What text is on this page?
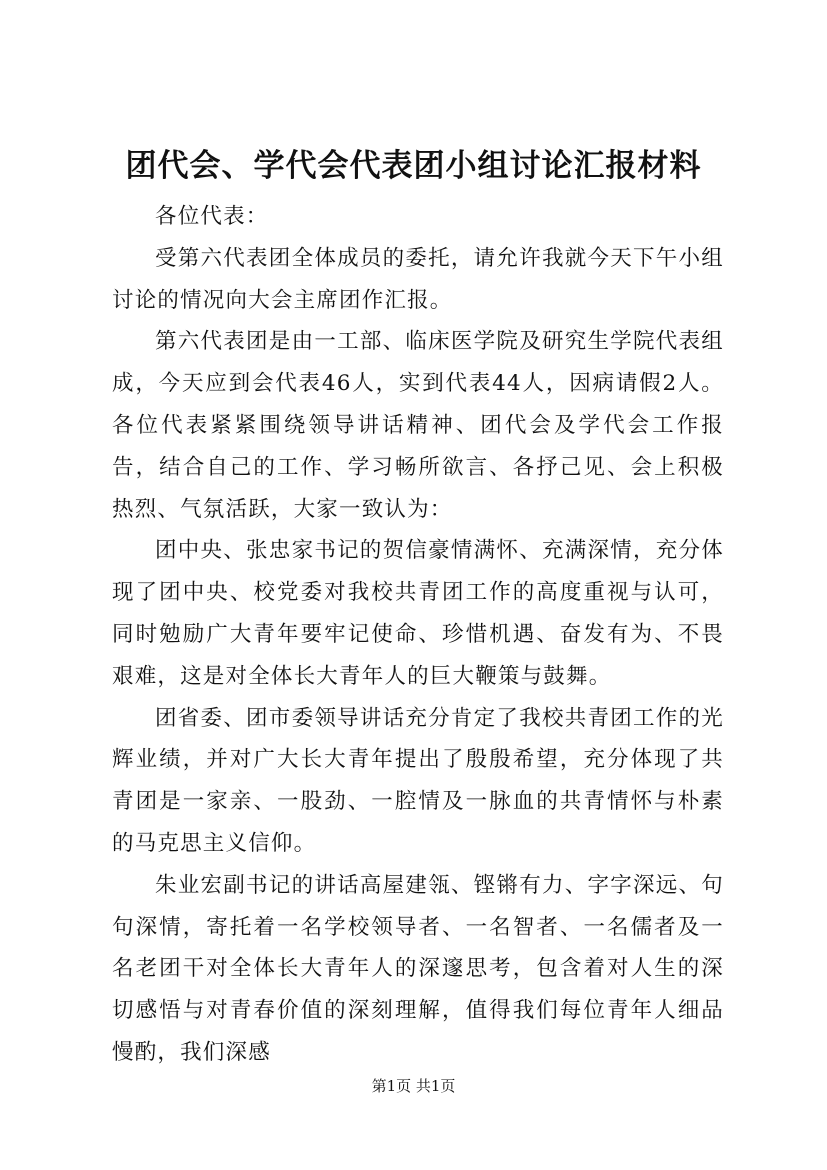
团代会、学代会代表团小组讨论汇报材料

各位代表：

受第六代表团全体成员的委托，请允许我就今天下午小组讨论的情况向大会主席团作汇报。

第六代表团是由一工部、临床医学院及研究生学院代表组成，今天应到会代表46人，实到代表44人，因病请假2人。各位代表紧紧围绕领导讲话精神、团代会及学代会工作报告，结合自己的工作、学习畅所欲言、各抒己见、会上积极热烈、气氛活跃，大家一致认为：

团中央、张忠家书记的贺信豪情满怀、充满深情，充分体现了团中央、校党委对我校共青团工作的高度重视与认可，同时勉励广大青年要牢记使命、珍惜机遇、奋发有为、不畏艰难，这是对全体长大青年人的巨大鞭策与鼓舞。

团省委、团市委领导讲话充分肯定了我校共青团工作的光辉业绩，并对广大长大青年提出了殷殷希望，充分体现了共青团是一家亲、一股劲、一腔情及一脉血的共青情怀与朴素的马克思主义信仰。

朱业宏副书记的讲话高屋建瓴、铿锵有力、字字深远、句句深情，寄托着一名学校领导者、一名智者、一名儒者及一名老团干对全体长大青年人的深邃思考，包含着对人生的深切感悟与对青春价值的深刻理解，值得我们每位青年人细品慢酌，我们深感

第1页 共1页
